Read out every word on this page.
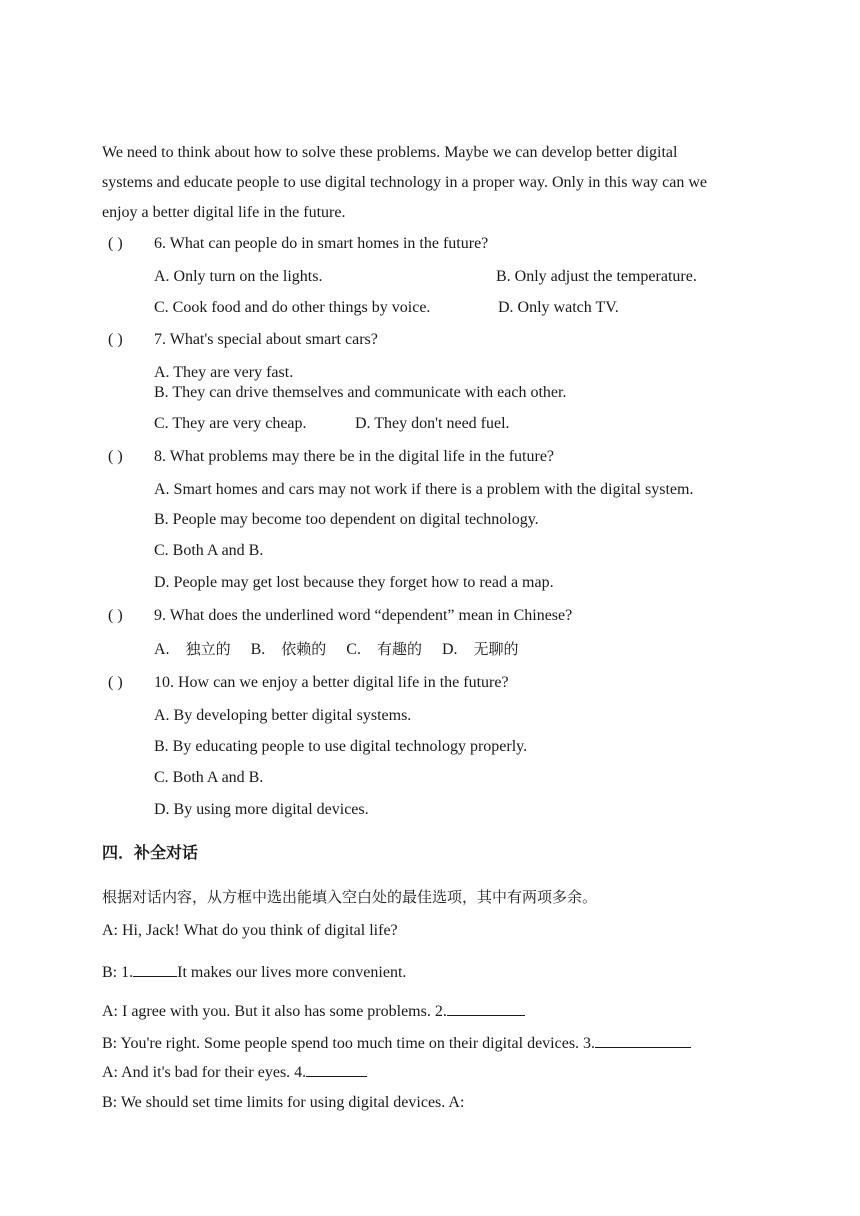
We need to think about how to solve these problems. Maybe we can develop better digital
systems and educate people to use digital technology in a proper way. Only in this way can we
enjoy a better digital life in the future.
( ) 6. What can people do in smart homes in the future?
A. Only turn on the lights.	B. Only adjust the temperature.
C. Cook food and do other things by voice.	D. Only watch TV.
( ) 7. What's special about smart cars?
A. They are very fast.
B. They can drive themselves and communicate with each other.
C. They are very cheap.	D. They don't need fuel.
( ) 8. What problems may there be in the digital life in the future?
A. Smart homes and cars may not work if there is a problem with the digital system.
B. People may become too dependent on digital technology.
C. Both A and B.
D. People may get lost because they forget how to read a map.
( ) 9. What does the underlined word “dependent” mean in Chinese?
A. 独立的 B. 依赖的 C. 有趣的 D. 无聊的
( ) 10. How can we enjoy a better digital life in the future?
A. By developing better digital systems.
B. By educating people to use digital technology properly.
C. Both A and B.
D. By using more digital devices.
四．补全对话
根据对话内容，从方框中选出能填入空白处的最佳选项，其中有两项多余。
A: Hi, Jack! What do you think of digital life?
B: 1.	It makes our lives more convenient.
A: I agree with you. But it also has some problems. 2.
B: You're right. Some people spend too much time on their digital devices. 3.
A: And it's bad for their eyes. 4.
B: We should set time limits for using digital devices. A:
